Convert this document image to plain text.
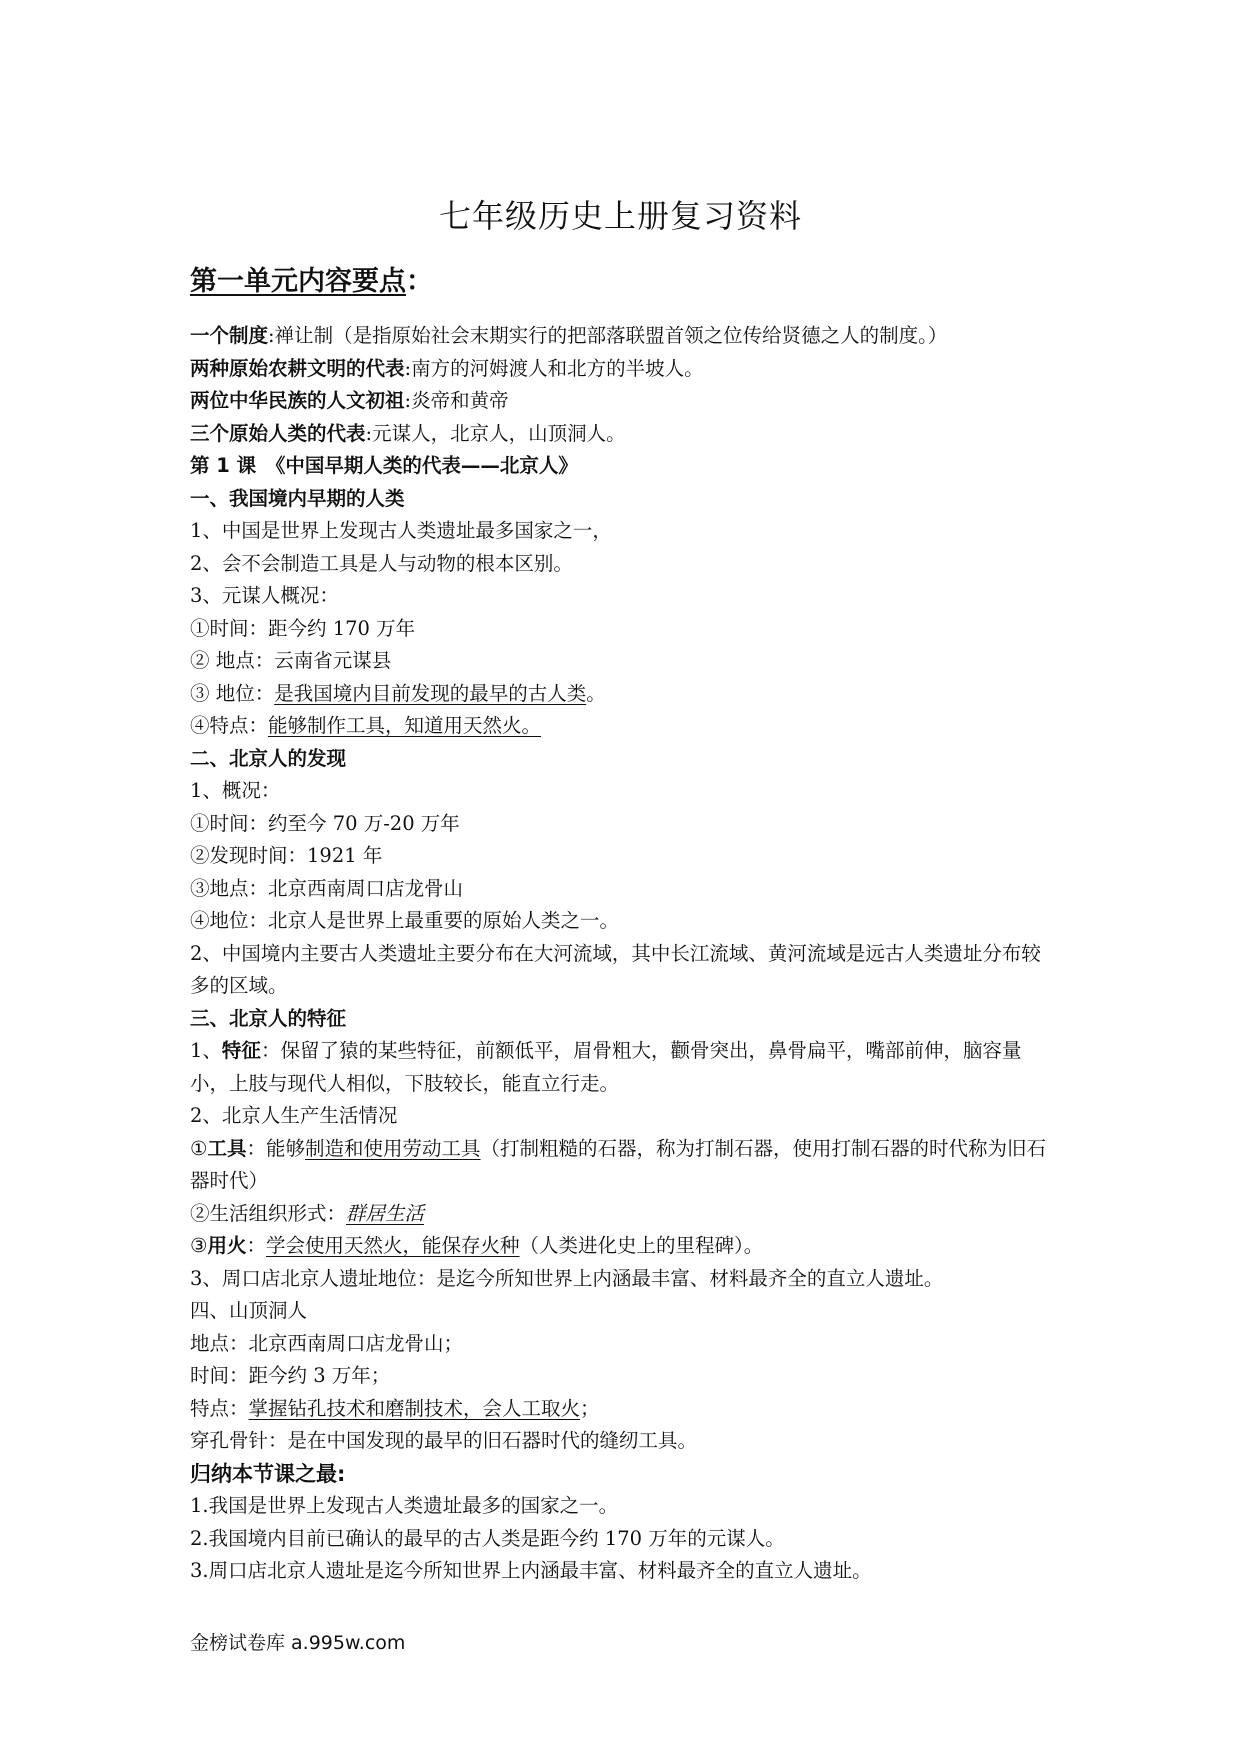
七年级历史上册复习资料
第一单元内容要点：
一个制度:禅让制（是指原始社会末期实行的把部落联盟首领之位传给贤德之人的制度。）
两种原始农耕文明的代表:南方的河姆渡人和北方的半坡人。
两位中华民族的人文初祖:炎帝和黄帝
三个原始人类的代表:元谋人，北京人，山顶洞人。
第 1 课　《中国早期人类的代表——北京人》
一、我国境内早期的人类
1、中国是世界上发现古人类遗址最多国家之一，
2、会不会制造工具是人与动物的根本区别。
3、元谋人概况：
①时间：距今约 170 万年
② 地点：云南省元谋县
③ 地位：是我国境内目前发现的最早的古人类。
④特点：能够制作工具，知道用天然火。
二、北京人的发现
1、概况：
①时间：约至今 70 万-20 万年
②发现时间：1921 年
③地点：北京西南周口店龙骨山
④地位：北京人是世界上最重要的原始人类之一。
2、中国境内主要古人类遗址主要分布在大河流域，其中长江流域、黄河流域是远古人类遗址分布较多的区域。
三、北京人的特征
1、特征：保留了猿的某些特征，前额低平，眉骨粗大，颧骨突出，鼻骨扁平，嘴部前伸，脑容量小，上肢与现代人相似，下肢较长，能直立行走。
2、北京人生产生活情况
①工具：能够制造和使用劳动工具（打制粗糙的石器，称为打制石器，使用打制石器的时代称为旧石器时代）
②生活组织形式：群居生活
③用火：学会使用天然火，能保存火种（人类进化史上的里程碑）。
3、周口店北京人遗址地位：是迄今所知世界上内涵最丰富、材料最齐全的直立人遗址。
四、山顶洞人
地点：北京西南周口店龙骨山；
时间：距今约 3 万年；
特点：掌握钻孔技术和磨制技术，会人工取火；
穿孔骨针：是在中国发现的最早的旧石器时代的缝纫工具。
归纳本节课之最:
1.我国是世界上发现古人类遗址最多的国家之一。
2.我国境内目前已确认的最早的古人类是距今约 170 万年的元谋人。
3.周口店北京人遗址是迄今所知世界上内涵最丰富、材料最齐全的直立人遗址。
金榜试卷库 a.995w.com
